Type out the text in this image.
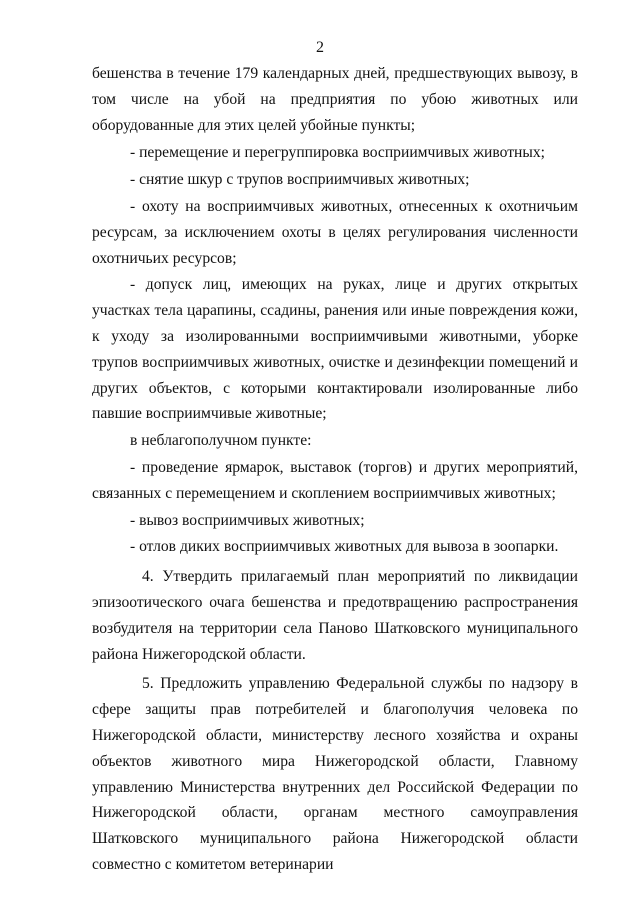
2

бешенства в течение 179 календарных дней, предшествующих вывозу, в том числе на убой на предприятия по убою животных или оборудованные для этих целей убойные пункты;

- перемещение и перегруппировка восприимчивых животных;

- снятие шкур с трупов восприимчивых животных;

- охоту на восприимчивых животных, отнесенных к охотничьим ресурсам, за исключением охоты в целях регулирования численности охотничьих ресурсов;

- допуск лиц, имеющих на руках, лице и других открытых участках тела царапины, ссадины, ранения или иные повреждения кожи, к уходу за изолированными восприимчивыми животными, уборке трупов восприимчивых животных, очистке и дезинфекции помещений и других объектов, с которыми контактировали изолированные либо павшие восприимчивые животные;

в неблагополучном пункте:

- проведение ярмарок, выставок (торгов) и других мероприятий, связанных с перемещением и скоплением восприимчивых животных;

- вывоз восприимчивых животных;

- отлов диких восприимчивых животных для вывоза в зоопарки.

4. Утвердить прилагаемый план мероприятий по ликвидации эпизоотического очага бешенства и предотвращению распространения возбудителя на территории села Паново Шатковского муниципального района Нижегородской области.

5. Предложить управлению Федеральной службы по надзору в сфере защиты прав потребителей и благополучия человека по Нижегородской области, министерству лесного хозяйства и охраны объектов животного мира Нижегородской области, Главному управлению Министерства внутренних дел Российской Федерации по Нижегородской области, органам местного самоуправления Шатковского муниципального района Нижегородской области совместно с комитетом ветеринарии
